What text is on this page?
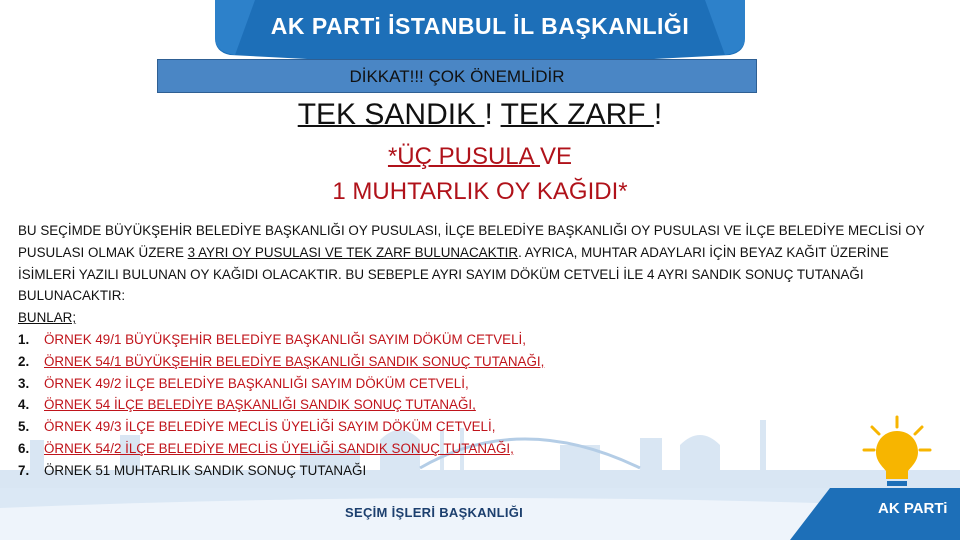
AK PARTi İSTANBUL İL BAŞKANLIĞI
DİKKAT!!! ÇOK ÖNEMLİDİR
TEK SANDIK ! TEK ZARF !
*ÜÇ PUSULA VE
1 MUHTARLIK OY KAĞIDI*
BU SEÇİMDE BÜYÜKŞEHİR BELEDİYE BAŞKANLIĞI OY PUSULASI, İLÇE BELEDİYE BAŞKANLIĞI OY PUSULASI VE İLÇE BELEDİYE MECLİSİ OY PUSULASI OLMAK ÜZERE 3 AYRI OY PUSULASI VE TEK ZARF BULUNACAKTIR. AYRICA, MUHTAR ADAYLARI İÇİN BEYAZ KAĞIT ÜZERİNE İSİMLERİ YAZILI BULUNAN OY KAĞIDI OLACAKTIR. BU SEBEPLE AYRI SAYIM DÖKÜM CETVELİ İLE 4 AYRI SANDIK SONUÇ TUTANAĞI BULUNACAKTIR:
BUNLAR;
1. ÖRNEK 49/1 BÜYÜKŞEHİR BELEDİYE BAŞKANLIĞI SAYIM DÖKÜM CETVELİ,
2. ÖRNEK 54/1 BÜYÜKŞEHİR BELEDİYE BAŞKANLIĞI SANDIK SONUÇ TUTANAĞI,
3. ÖRNEK 49/2 İLÇE BELEDİYE BAŞKANLIĞI SAYIM DÖKÜM CETVELİ,
4. ÖRNEK 54 İLÇE BELEDİYE BAŞKANLIĞI SANDIK SONUÇ TUTANAĞI,
5. ÖRNEK 49/3 İLÇE BELEDİYE MECLİS ÜYELİĞİ SAYIM DÖKÜM CETVELİ,
6. ÖRNEK 54/2 İLÇE BELEDİYE MECLİS ÜYELİĞİ SANDIK SONUÇ TUTANAĞI,
7. ÖRNEK 51 MUHTARLIK SANDIK SONUÇ TUTANAĞI
SEÇİM İŞLERİ BAŞKANLIĞI	AK PARTi
